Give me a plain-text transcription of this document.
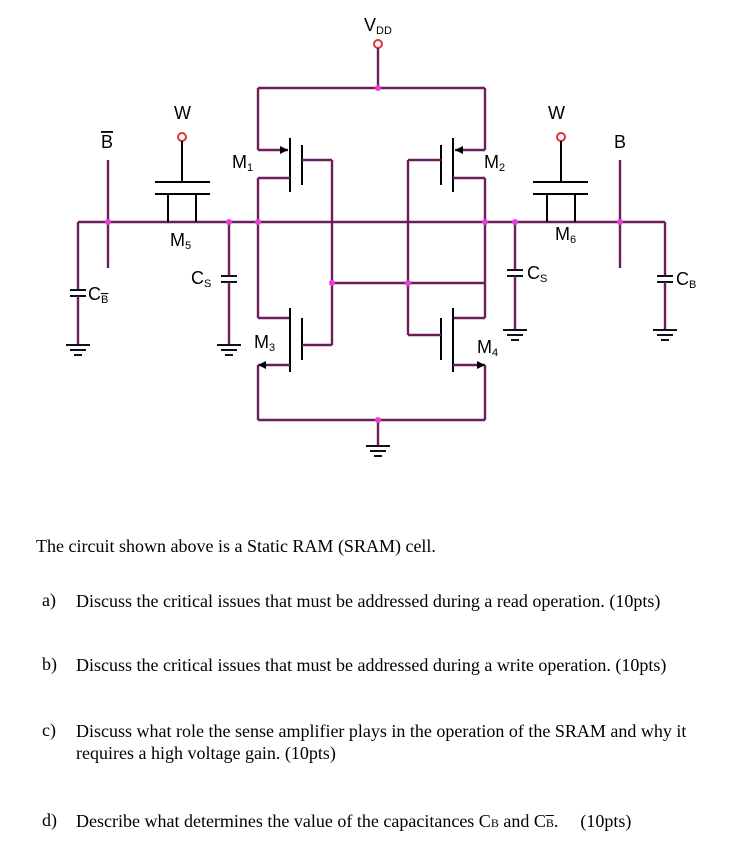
VDD
M1	M2
M3	M4
W
M5
W
M6
B	B
CB
CS
CS	CB

The circuit shown above is a Static RAM (SRAM) cell.

a) Discuss the critical issues that must be addressed during a read operation. (10pts)
b) Discuss the critical issues that must be addressed during a write operation. (10pts)
c) Discuss what role the sense amplifier plays in the operation of the SRAM and why it requires a high voltage gain. (10pts)
d) Describe what determines the value of the capacitances CB and $C\overline{B}$. (10pts)
